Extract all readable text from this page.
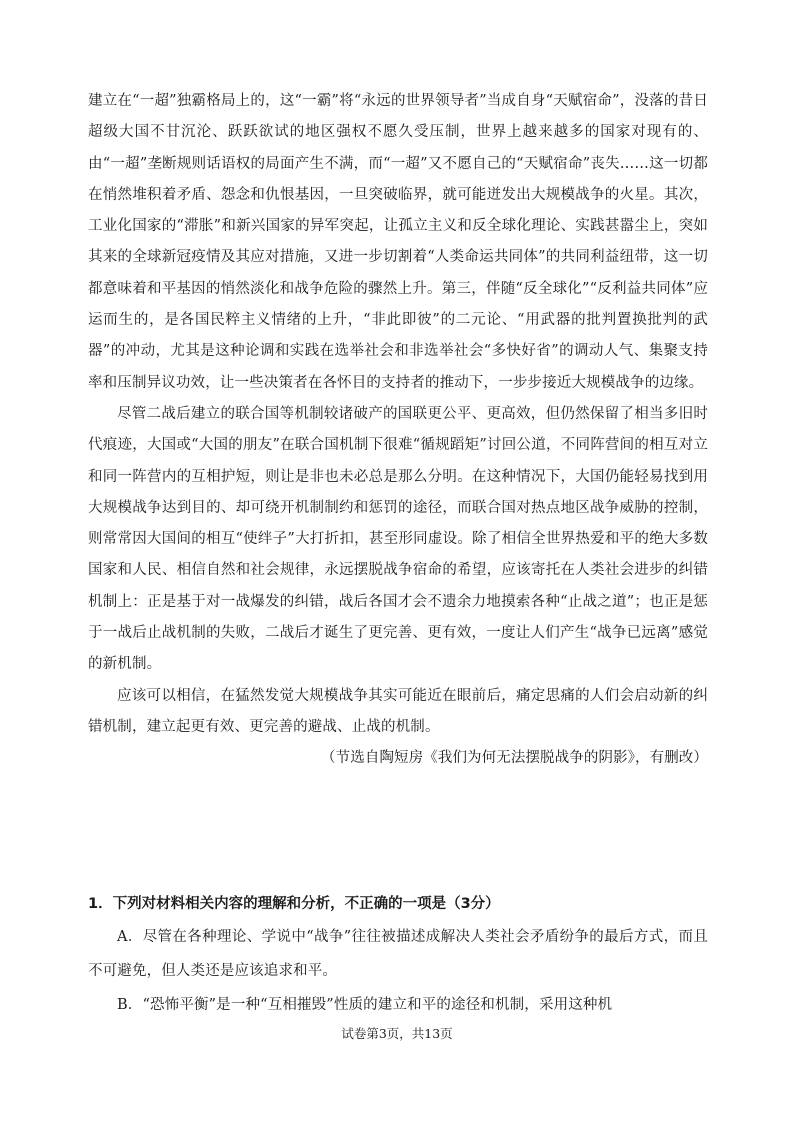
建立在“一超”独霸格局上的，这“一霸”将“永远的世界领导者”当成自身“天赋宿命”，没落的昔日超级大国不甘沉沦、跃跃欲试的地区强权不愿久受压制，世界上越来越多的国家对现有的、由“一超”垄断规则话语权的局面产生不满，而“一超”又不愿自己的“天赋宿命”丧失……这一切都在悄然堆积着矛盾、怨念和仇恨基因，一旦突破临界，就可能迸发出大规模战争的火星。其次，工业化国家的“滞胀”和新兴国家的异军突起，让孤立主义和反全球化理论、实践甚嚣尘上，突如其来的全球新冠疫情及其应对措施，又进一步切割着“人类命运共同体”的共同利益纽带，这一切都意味着和平基因的悄然淡化和战争危险的骤然上升。第三，伴随“反全球化”“反利益共同体”应运而生的，是各国民粹主义情绪的上升，“非此即彼”的二元论、“用武器的批判置换批判的武器”的冲动，尤其是这种论调和实践在选举社会和非选举社会“多快好省”的调动人气、集聚支持率和压制异议功效，让一些决策者在各怀目的支持者的推动下，一步步接近大规模战争的边缘。

尽管二战后建立的联合国等机制较诸破产的国联更公平、更高效，但仍然保留了相当多旧时代痕迹，大国或“大国的朋友”在联合国机制下很难“循规蹈矩”讨回公道，不同阵营间的相互对立和同一阵营内的互相护短，则让是非也未必总是那么分明。在这种情况下，大国仍能轻易找到用大规模战争达到目的、却可绕开机制制约和惩罚的途径，而联合国对热点地区战争威胁的控制，则常常因大国间的相互“使绊子”大打折扣，甚至形同虚设。除了相信全世界热爱和平的绝大多数国家和人民、相信自然和社会规律，永远摆脱战争宿命的希望，应该寄托在人类社会进步的纠错机制上：正是基于对一战爆发的纠错，战后各国才会不遗余力地摸索各种“止战之道”；也正是惩于一战后止战机制的失败，二战后才诞生了更完善、更有效，一度让人们产生“战争已远离”感觉的新机制。

应该可以相信，在猛然发觉大规模战争其实可能近在眼前后，痛定思痛的人们会启动新的纠错机制，建立起更有效、更完善的避战、止战的机制。

（节选自陶短房《我们为何无法摆脱战争的阴影》，有删改）

1．下列对材料相关内容的理解和分析，不正确的一项是（3分）

A．尽管在各种理论、学说中“战争”往往被描述成解决人类社会矛盾纷争的最后方式，而且不可避免，但人类还是应该追求和平。

B．“恐怖平衡”是一种“互相摧毁”性质的建立和平的途径和机制，采用这种机

试卷第3页，共13页
